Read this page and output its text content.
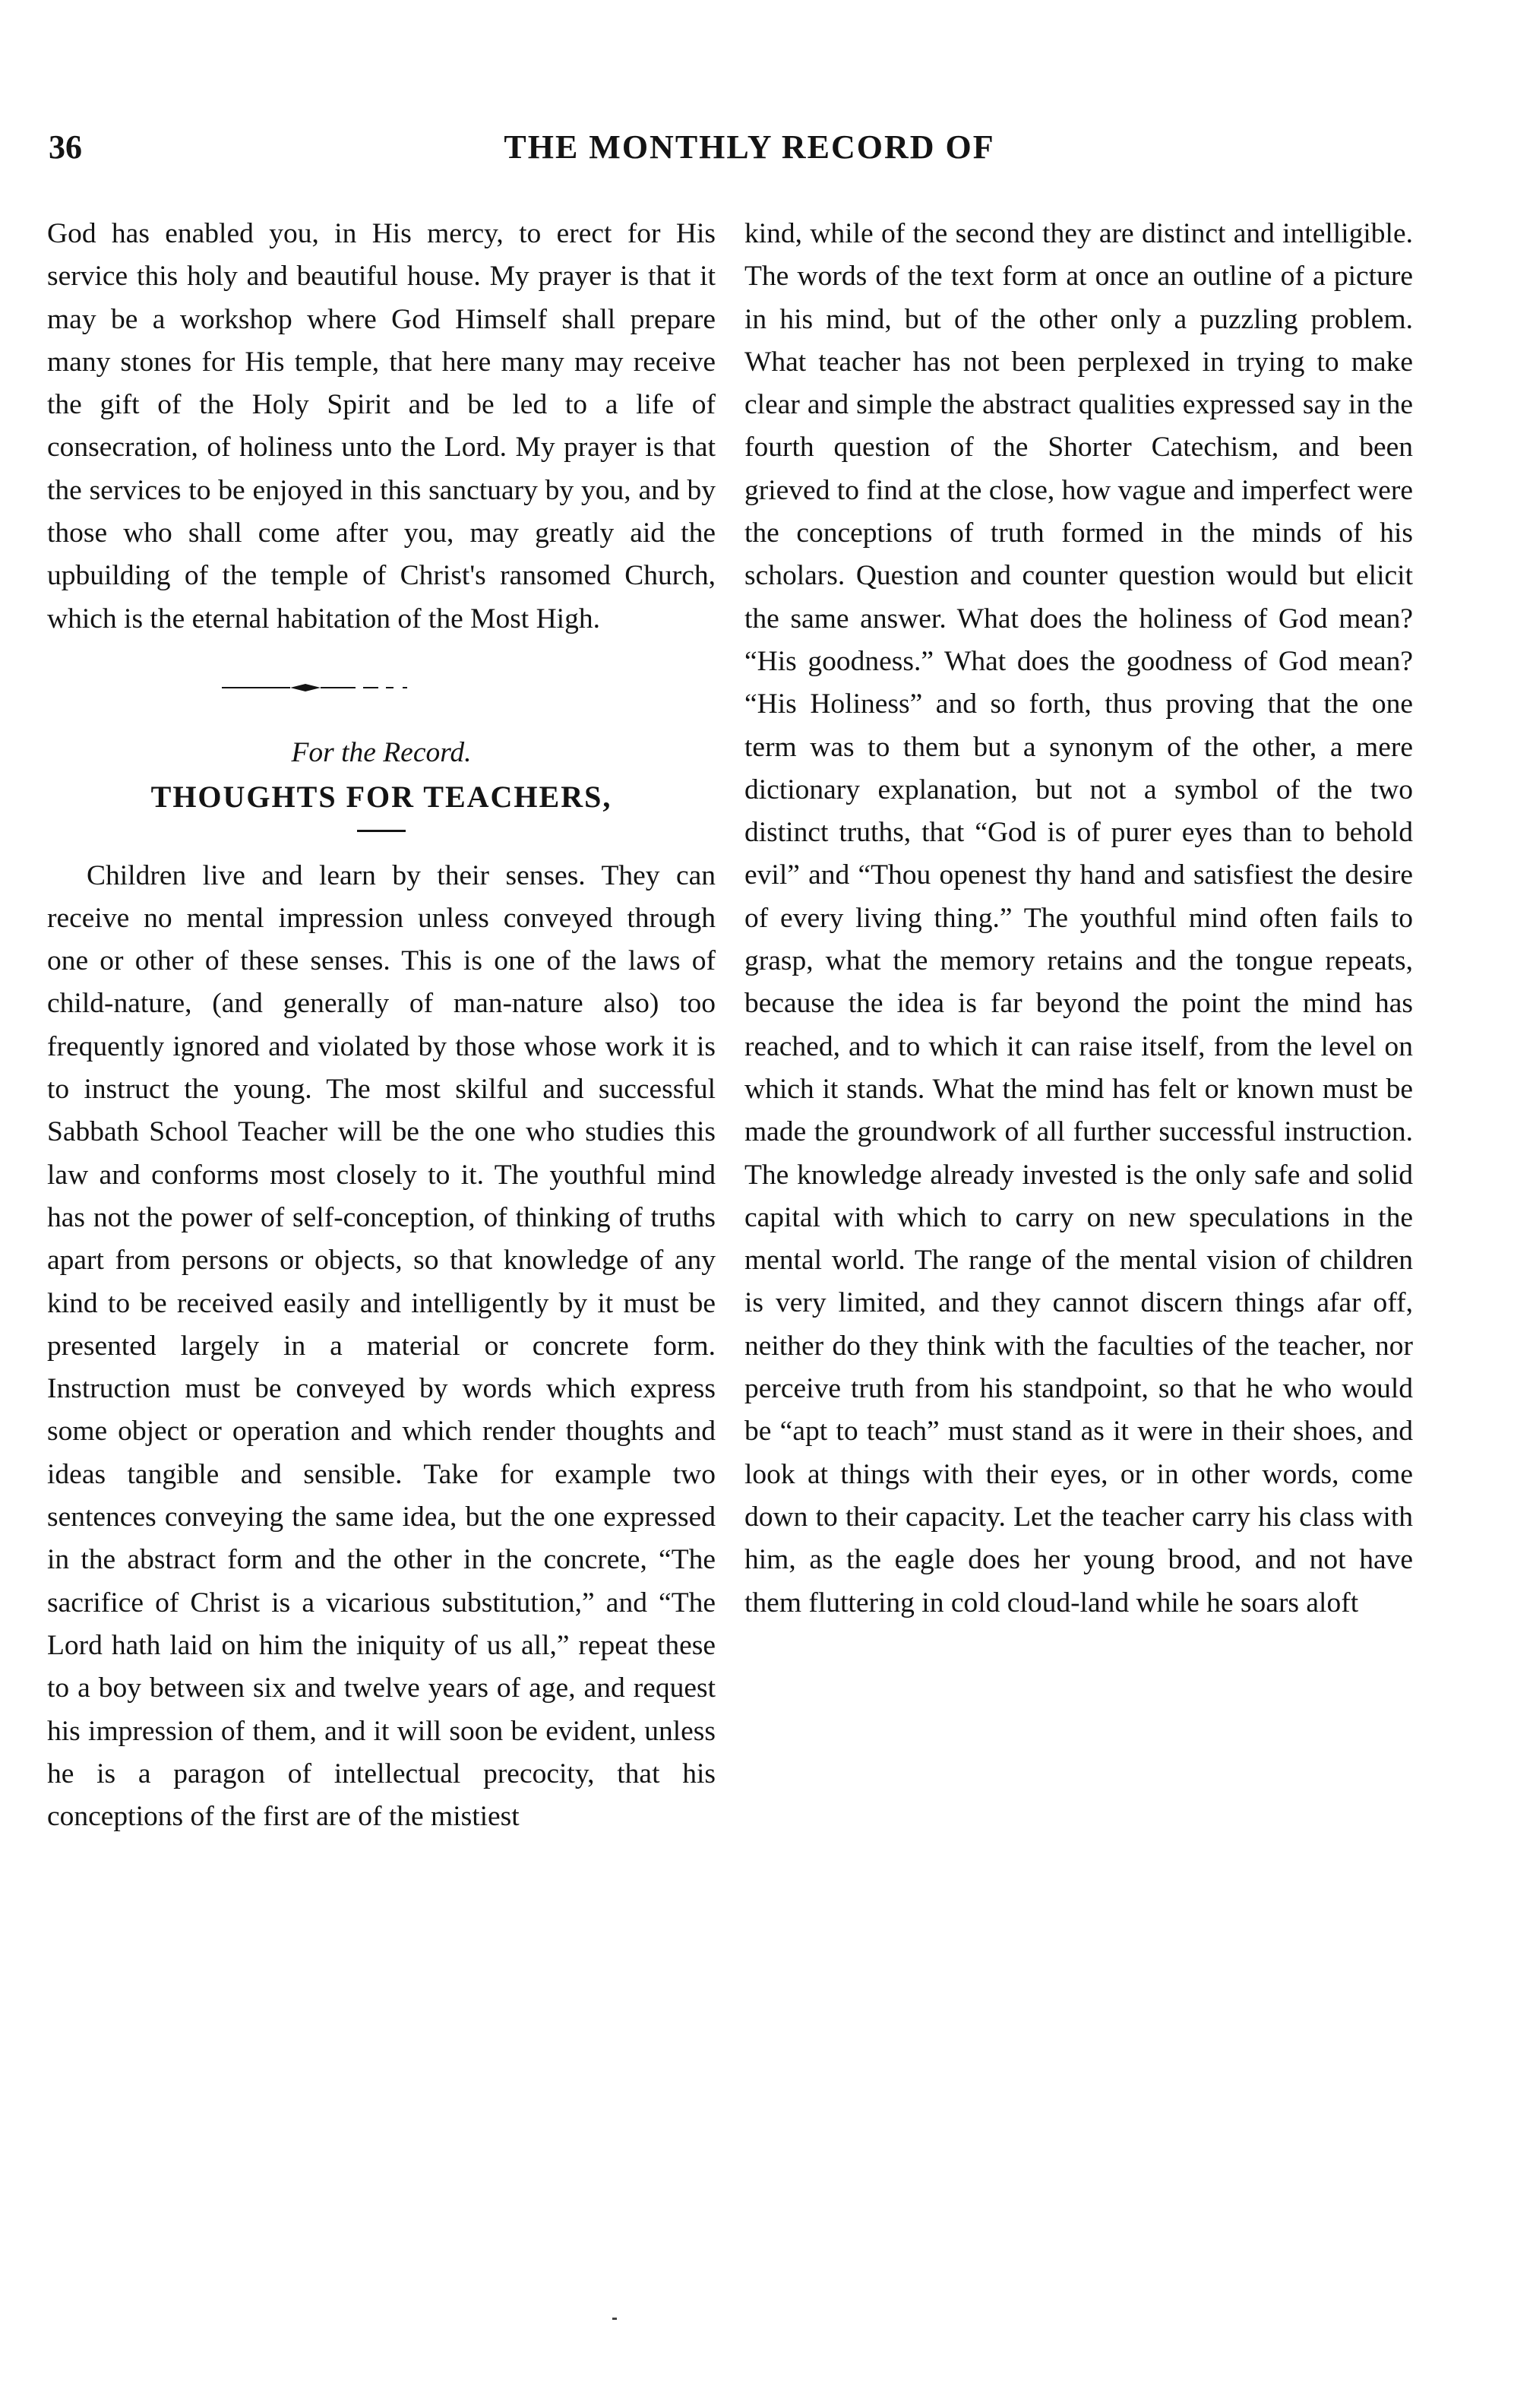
36	THE MONTHLY RECORD OF

God has enabled you, in His mercy, to erect for His service this holy and beautiful house. My prayer is that it may be a workshop where God Himself shall prepare many stones for His temple, that here many may receive the gift of the Holy Spirit and be led to a life of consecration, of holiness unto the Lord. My prayer is that the services to be enjoyed in this sanctuary by you, and by those who shall come after you, may greatly aid the upbuilding of the temple of Christ's ransomed Church, which is the eternal habitation of the Most High.

For the Record.

THOUGHTS FOR TEACHERS,

Children live and learn by their senses. They can receive no mental impression unless conveyed through one or other of these senses. This is one of the laws of child-nature, (and generally of man-nature also) too frequently ignored and violated by those whose work it is to instruct the young. The most skilful and successful Sabbath School Teacher will be the one who studies this law and conforms most closely to it. The youthful mind has not the power of self-conception, of thinking of truths apart from persons or objects, so that knowledge of any kind to be received easily and intelligently by it must be presented largely in a material or concrete form. Instruction must be conveyed by words which express some object or operation and which render thoughts and ideas tangible and sensible. Take for example two sentences conveying the same idea, but the one expressed in the abstract form and the other in the concrete, “The sacrifice of Christ is a vicarious substitution,” and “The Lord hath laid on him the iniquity of us all,” repeat these to a boy between six and twelve years of age, and request his impression of them, and it will soon be evident, unless he is a paragon of intellectual precocity, that his conceptions of the first are of the mistiest

kind, while of the second they are distinct and intelligible. The words of the text form at once an outline of a picture in his mind, but of the other only a puzzling problem. What teacher has not been perplexed in trying to make clear and simple the abstract qualities expressed say in the fourth question of the Shorter Catechism, and been grieved to find at the close, how vague and imperfect were the conceptions of truth formed in the minds of his scholars. Question and counter question would but elicit the same answer. What does the holiness of God mean? “His goodness.” What does the goodness of God mean? “His Holiness” and so forth, thus proving that the one term was to them but a synonym of the other, a mere dictionary explanation, but not a symbol of the two distinct truths, that “God is of purer eyes than to behold evil” and “Thou openest thy hand and satisfiest the desire of every living thing.” The youthful mind often fails to grasp, what the memory retains and the tongue repeats, because the idea is far beyond the point the mind has reached, and to which it can raise itself, from the level on which it stands. What the mind has felt or known must be made the groundwork of all further successful instruction. The knowledge already invested is the only safe and solid capital with which to carry on new speculations in the mental world. The range of the mental vision of children is very limited, and they cannot discern things afar off, neither do they think with the faculties of the teacher, nor perceive truth from his standpoint, so that he who would be “apt to teach” must stand as it were in their shoes, and look at things with their eyes, or in other words, come down to their capacity. Let the teacher carry his class with him, as the eagle does her young brood, and not have them fluttering in cold cloud-land while he soars aloft
